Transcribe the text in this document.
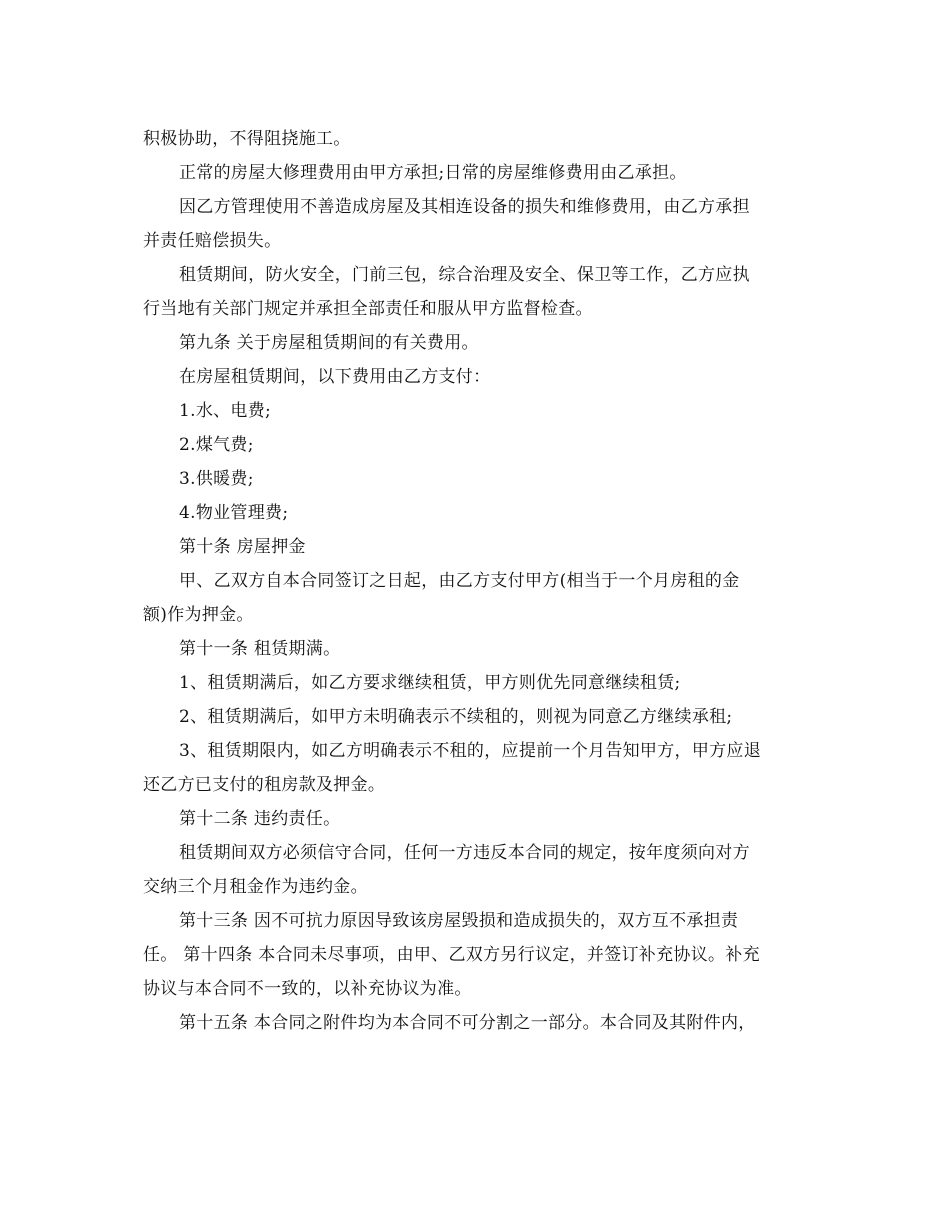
积极协助，不得阻挠施工。
正常的房屋大修理费用由甲方承担;日常的房屋维修费用由乙承担。
因乙方管理使用不善造成房屋及其相连设备的损失和维修费用，由乙方承担
并责任赔偿损失。
租赁期间，防火安全，门前三包，综合治理及安全、保卫等工作，乙方应执
行当地有关部门规定并承担全部责任和服从甲方监督检查。
第九条 关于房屋租赁期间的有关费用。
在房屋租赁期间，以下费用由乙方支付：
1.水、电费;
2.煤气费;
3.供暖费;
4.物业管理费;
第十条 房屋押金
甲、乙双方自本合同签订之日起，由乙方支付甲方(相当于一个月房租的金
额)作为押金。
第十一条 租赁期满。
1、租赁期满后，如乙方要求继续租赁，甲方则优先同意继续租赁;
2、租赁期满后，如甲方未明确表示不续租的，则视为同意乙方继续承租;
3、租赁期限内，如乙方明确表示不租的，应提前一个月告知甲方，甲方应退
还乙方已支付的租房款及押金。
第十二条 违约责任。
租赁期间双方必须信守合同，任何一方违反本合同的规定，按年度须向对方
交纳三个月租金作为违约金。
第十三条 因不可抗力原因导致该房屋毁损和造成损失的，双方互不承担责
任。 第十四条 本合同未尽事项，由甲、乙双方另行议定，并签订补充协议。补充
协议与本合同不一致的，以补充协议为准。
第十五条 本合同之附件均为本合同不可分割之一部分。本合同及其附件内，
